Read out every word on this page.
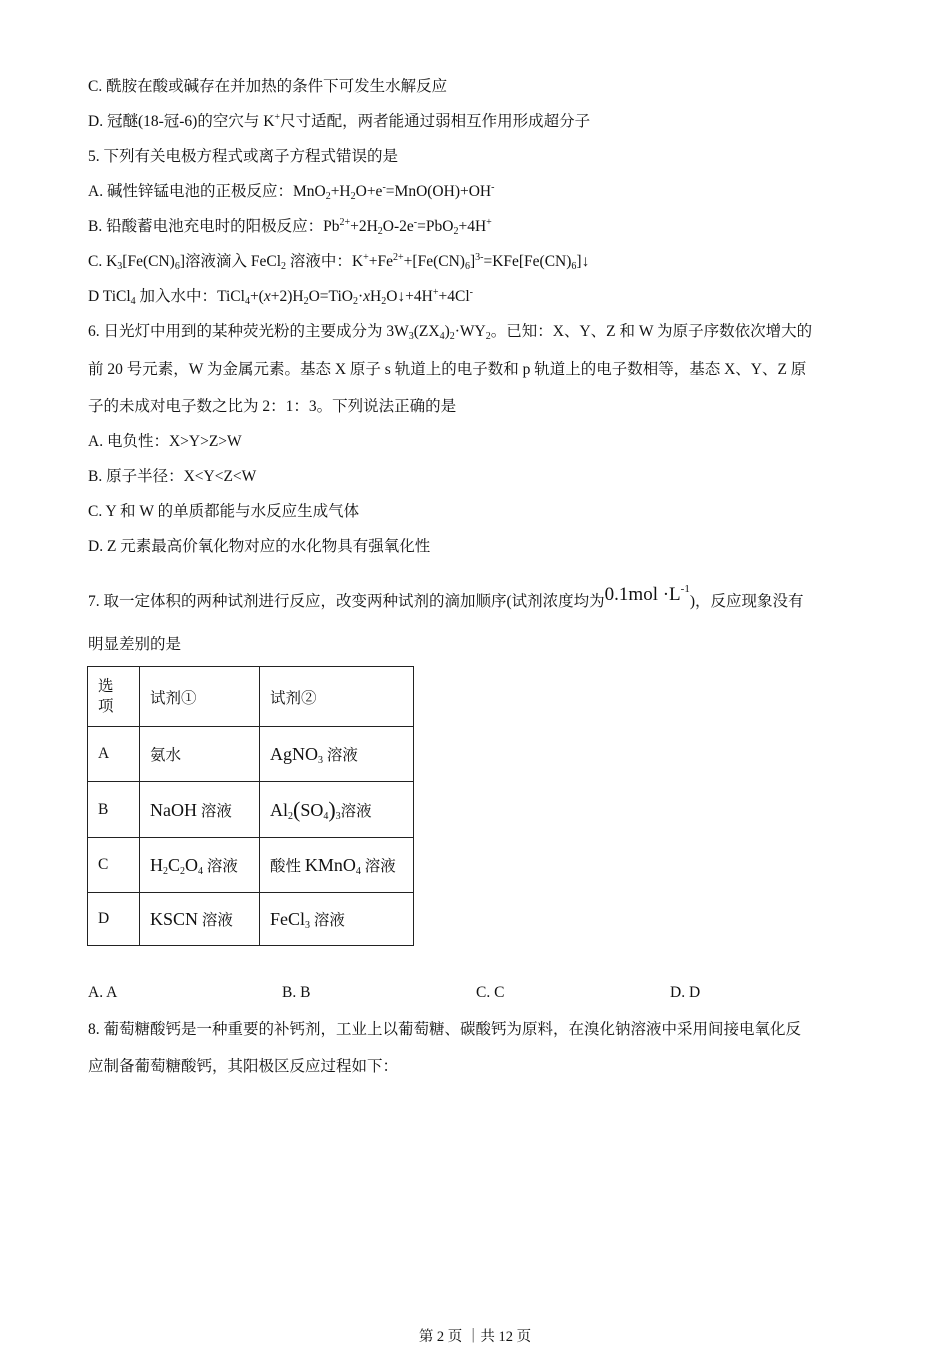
C. 酰胺在酸或碱存在并加热的条件下可发生水解反应
D. 冠醚(18-冠-6)的空穴与 K+尺寸适配，两者能通过弱相互作用形成超分子
5. 下列有关电极方程式或离子方程式错误的是
A. 碱性锌锰电池的正极反应：$MnO_2+H_2O+e^-=MnO(OH)+OH^-$
B. 铅酸蓄电池充电时的阳极反应：$Pb^{2+}+2H_2O-2e^-=PbO_2+4H^+$
C. $K_3[Fe(CN)_6]$溶液滴入 FeCl$_2$ 溶液中：$K^++Fe^{2+}+[Fe(CN)_6]^{3-}=KFe[Fe(CN)_6]↓$
D TiCl$_4$ 加入水中：$TiCl_4+(x+2)H_2O=TiO_2\cdot xH_2O↓+4H^++4Cl^-$
6. 日光灯中用到的某种荧光粉的主要成分为 $3W_3(ZX_4)_2\cdot WY_2$。已知：X、Y、Z 和 W 为原子序数依次增大的
前 20 号元素，W 为金属元素。基态 X 原子 s 轨道上的电子数和 p 轨道上的电子数相等，基态 X、Y、Z 原
子的未成对电子数之比为 2：1：3。下列说法正确的是
A. 电负性：X>Y>Z>W
B. 原子半径：X<Y<Z<W
C. Y 和 W 的单质都能与水反应生成气体
D. Z 元素最高价氧化物对应的水化物具有强氧化性
7. 取一定体积的两种试剂进行反应，改变两种试剂的滴加顺序(试剂浓度均为$0.1mol \cdot L^{-1}$)，反应现象没有
明显差别的是
选项	试剂①	试剂②
A	氨水	AgNO$_3$ 溶液
B	NaOH 溶液	$Al_2(SO_4)_3$溶液
C	$H_2C_2O_4$ 溶液	酸性 KMnO$_4$ 溶液
D	KSCN 溶液	FeCl$_3$ 溶液
A. A	B. B	C. C	D. D
8. 葡萄糖酸钙是一种重要的补钙剂，工业上以葡萄糖、碳酸钙为原料，在溴化钠溶液中采用间接电氧化反
应制备葡萄糖酸钙，其阳极区反应过程如下：
第 2 页 ｜共 12 页
